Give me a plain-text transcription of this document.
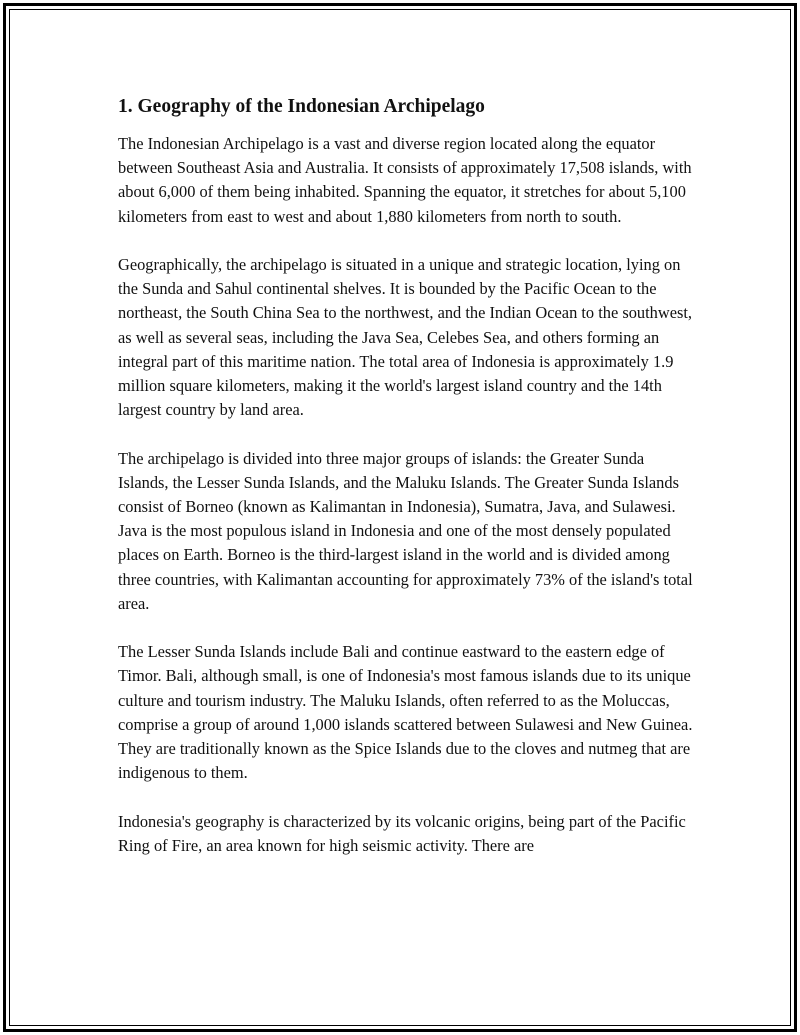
1. Geography of the Indonesian Archipelago

The Indonesian Archipelago is a vast and diverse region located along the equator between Southeast Asia and Australia. It consists of approximately 17,508 islands, with about 6,000 of them being inhabited. Spanning the equator, it stretches for about 5,100 kilometers from east to west and about 1,880 kilometers from north to south.

Geographically, the archipelago is situated in a unique and strategic location, lying on the Sunda and Sahul continental shelves. It is bounded by the Pacific Ocean to the northeast, the South China Sea to the northwest, and the Indian Ocean to the southwest, as well as several seas, including the Java Sea, Celebes Sea, and others forming an integral part of this maritime nation. The total area of Indonesia is approximately 1.9 million square kilometers, making it the world's largest island country and the 14th largest country by land area.

The archipelago is divided into three major groups of islands: the Greater Sunda Islands, the Lesser Sunda Islands, and the Maluku Islands. The Greater Sunda Islands consist of Borneo (known as Kalimantan in Indonesia), Sumatra, Java, and Sulawesi. Java is the most populous island in Indonesia and one of the most densely populated places on Earth. Borneo is the third-largest island in the world and is divided among three countries, with Kalimantan accounting for approximately 73% of the island's total area.

The Lesser Sunda Islands include Bali and continue eastward to the eastern edge of Timor. Bali, although small, is one of Indonesia's most famous islands due to its unique culture and tourism industry. The Maluku Islands, often referred to as the Moluccas, comprise a group of around 1,000 islands scattered between Sulawesi and New Guinea. They are traditionally known as the Spice Islands due to the cloves and nutmeg that are indigenous to them.

Indonesia's geography is characterized by its volcanic origins, being part of the Pacific Ring of Fire, an area known for high seismic activity. There are
